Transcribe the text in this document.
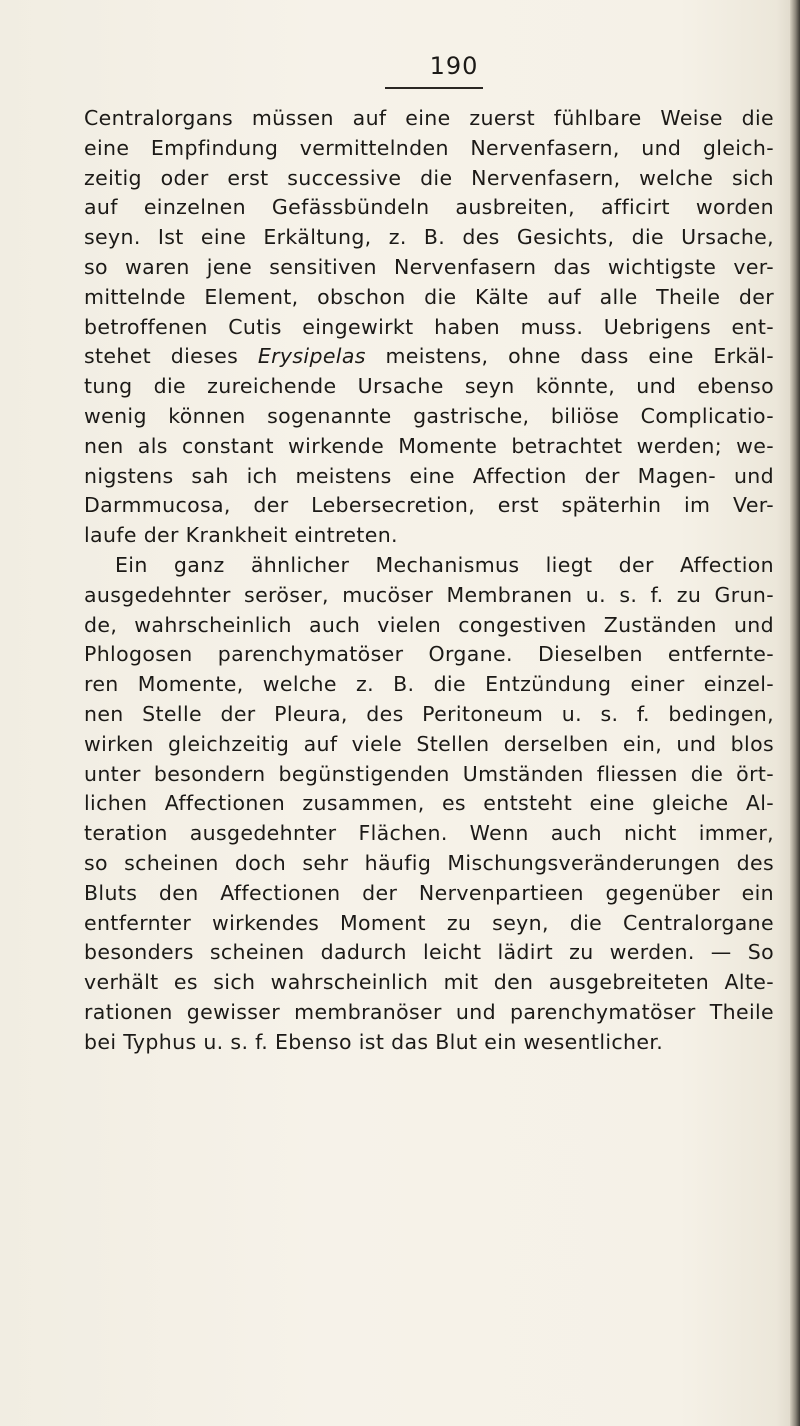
190
Centralorgans müssen auf eine zuerst fühlbare Weise die
eine Empfindung vermittelnden Nervenfasern, und gleich-
zeitig oder erst successive die Nervenfasern, welche sich
auf einzelnen Gefässbündeln ausbreiten, afficirt worden
seyn. Ist eine Erkältung, z. B. des Gesichts, die Ursache,
so waren jene sensitiven Nervenfasern das wichtigste ver-
mittelnde Element, obschon die Kälte auf alle Theile der
betroffenen Cutis eingewirkt haben muss. Uebrigens ent-
stehet dieses Erysipelas meistens, ohne dass eine Erkäl-
tung die zureichende Ursache seyn könnte, und ebenso
wenig können sogenannte gastrische, biliöse Complicatio-
nen als constant wirkende Momente betrachtet werden; we-
nigstens sah ich meistens eine Affection der Magen- und
Darmmucosa, der Lebersecretion, erst späterhin im Ver-
laufe der Krankheit eintreten.
Ein ganz ähnlicher Mechanismus liegt der Affection
ausgedehnter seröser, mucöser Membranen u. s. f. zu Grun-
de, wahrscheinlich auch vielen congestiven Zuständen und
Phlogosen parenchymatöser Organe. Dieselben entfernte-
ren Momente, welche z. B. die Entzündung einer einzel-
nen Stelle der Pleura, des Peritoneum u. s. f. bedingen,
wirken gleichzeitig auf viele Stellen derselben ein, und blos
unter besondern begünstigenden Umständen fliessen die ört-
lichen Affectionen zusammen, es entsteht eine gleiche Al-
teration ausgedehnter Flächen. Wenn auch nicht immer,
so scheinen doch sehr häufig Mischungsveränderungen des
Bluts den Affectionen der Nervenpartieen gegenüber ein
entfernter wirkendes Moment zu seyn, die Centralorgane
besonders scheinen dadurch leicht lädirt zu werden. — So
verhält es sich wahrscheinlich mit den ausgebreiteten Alte-
rationen gewisser membranöser und parenchymatöser Theile
bei Typhus u. s. f. Ebenso ist das Blut ein wesentlicher.
